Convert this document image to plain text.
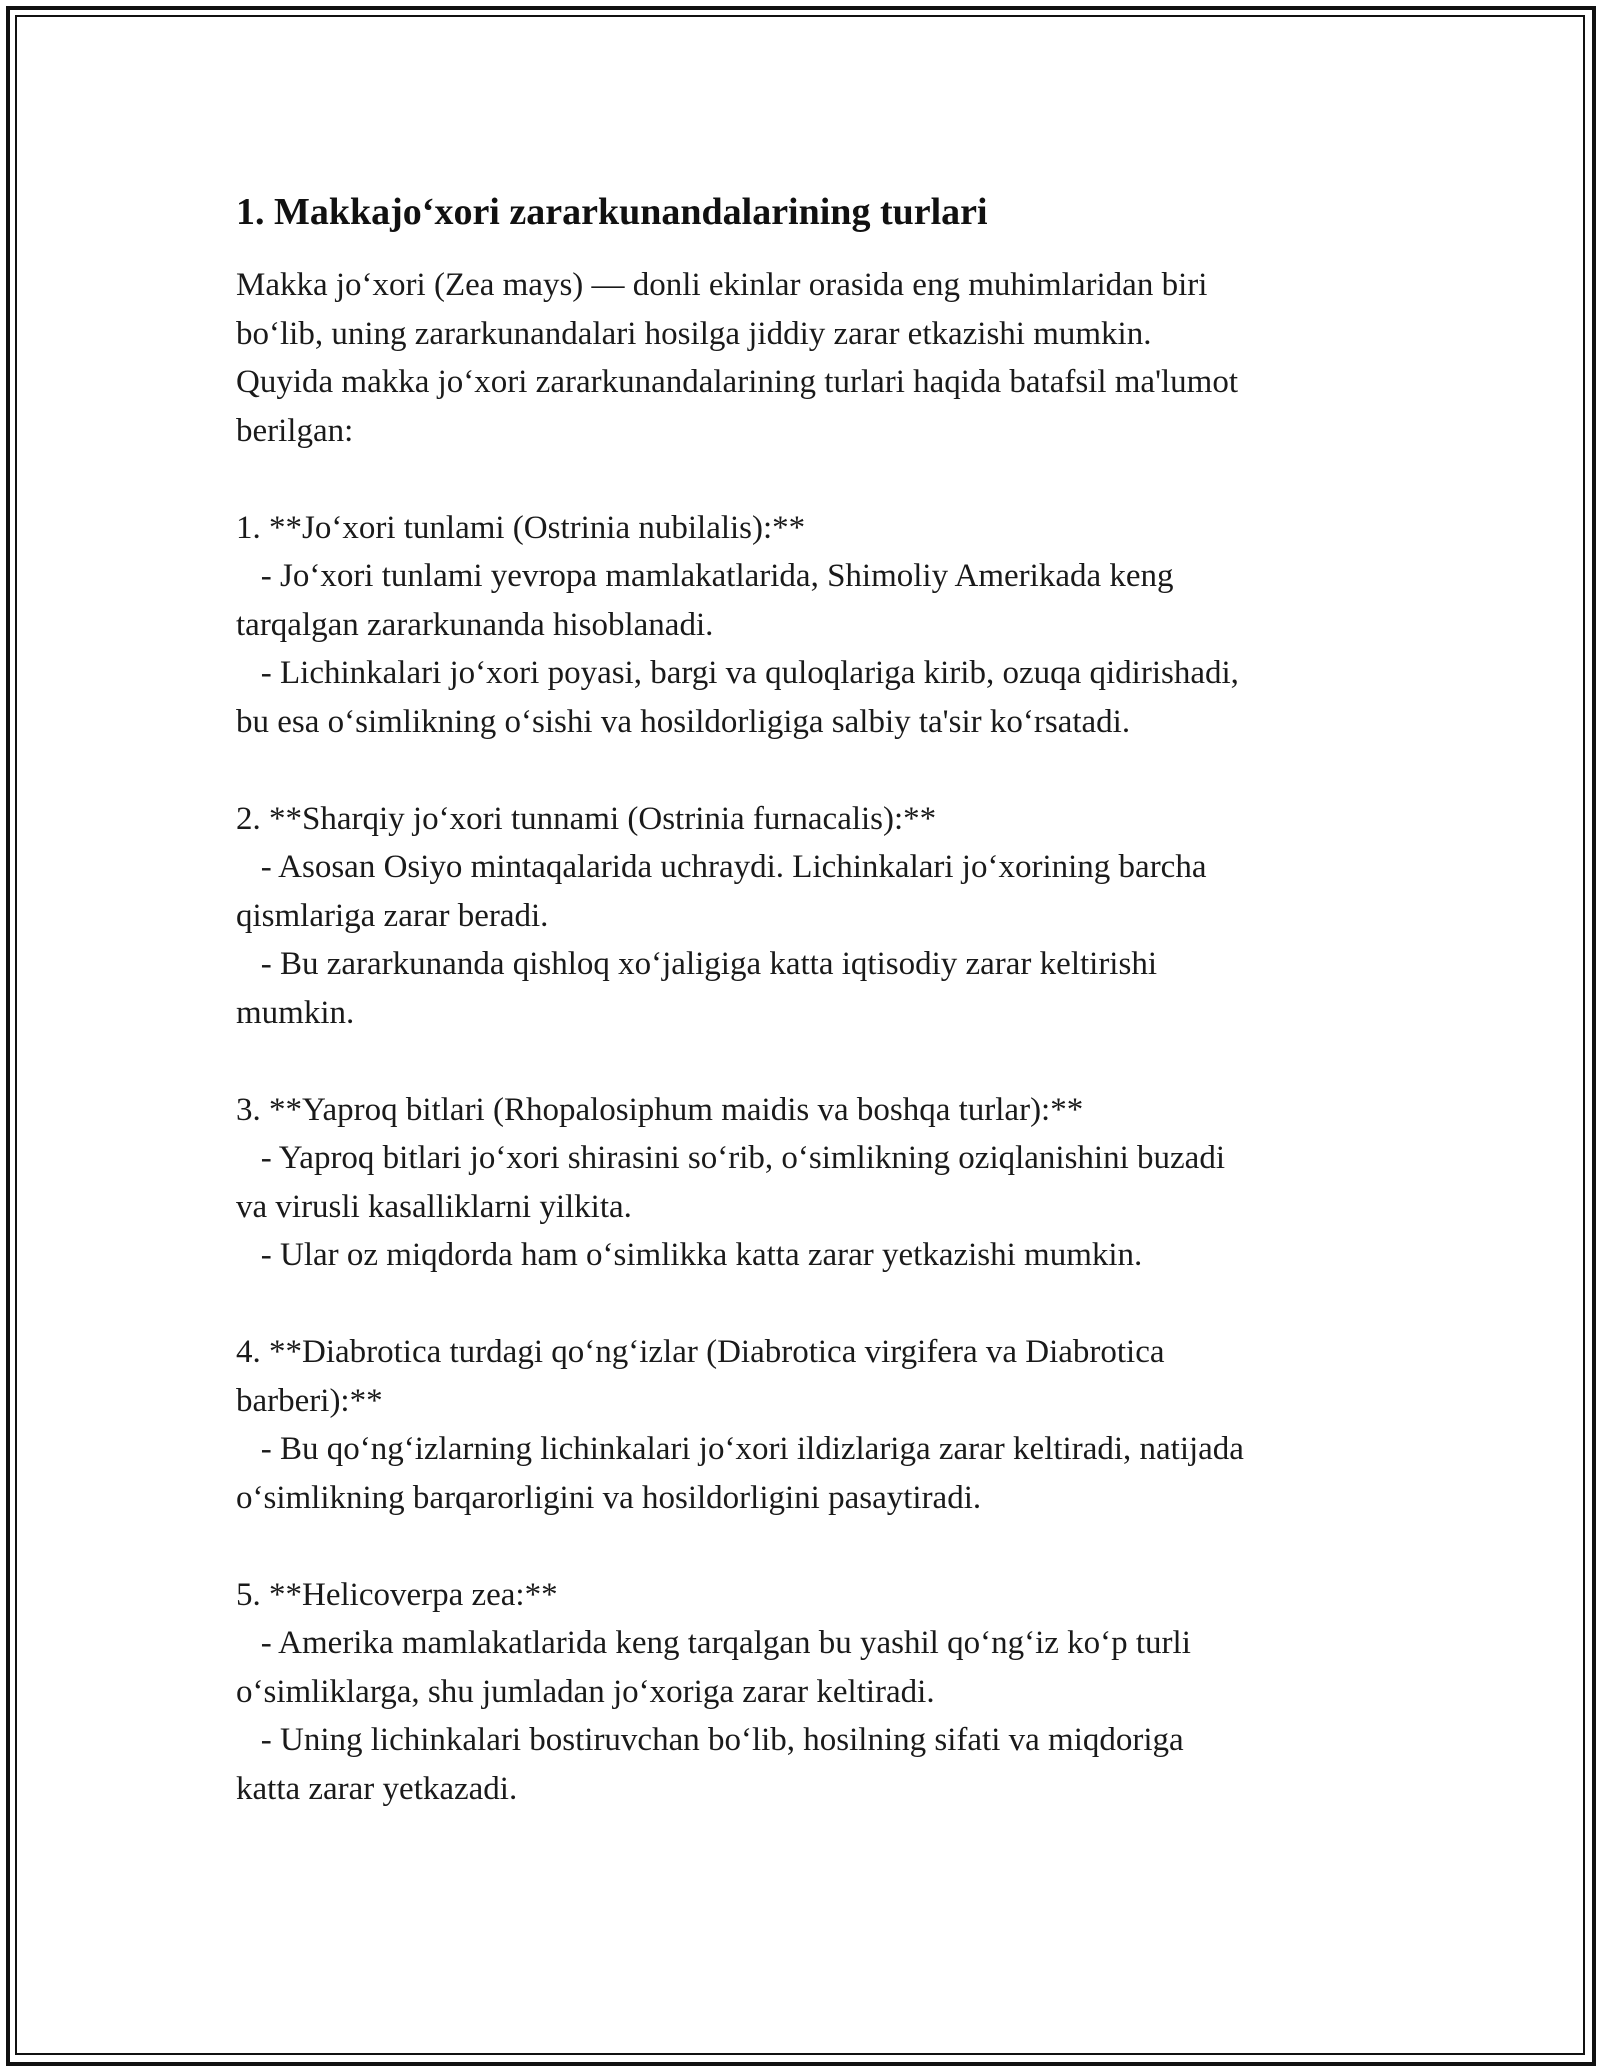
1. Makkajo‘xori zararkunandalarining turlari

Makka jo‘xori (Zea mays) — donli ekinlar orasida eng muhimlaridan biri
bo‘lib, uning zararkunandalari hosilga jiddiy zarar etkazishi mumkin.
Quyida makka jo‘xori zararkunandalarining turlari haqida batafsil ma'lumot
berilgan:

1. **Jo‘xori tunlami (Ostrinia nubilalis):**
- Jo‘xori tunlami yevropa mamlakatlarida, Shimoliy Amerikada keng
tarqalgan zararkunanda hisoblanadi.
- Lichinkalari jo‘xori poyasi, bargi va quloqlariga kirib, ozuqa qidirishadi,
bu esa o‘simlikning o‘sishi va hosildorligiga salbiy ta'sir ko‘rsatadi.

2. **Sharqiy jo‘xori tunnami (Ostrinia furnacalis):**
- Asosan Osiyo mintaqalarida uchraydi. Lichinkalari jo‘xorining barcha
qismlariga zarar beradi.
- Bu zararkunanda qishloq xo‘jaligiga katta iqtisodiy zarar keltirishi
mumkin.

3. **Yaproq bitlari (Rhopalosiphum maidis va boshqa turlar):**
- Yaproq bitlari jo‘xori shirasini so‘rib, o‘simlikning oziqlanishini buzadi
va virusli kasalliklarni yilkita.
- Ular oz miqdorda ham o‘simlikka katta zarar yetkazishi mumkin.

4. **Diabrotica turdagi qo‘ng‘izlar (Diabrotica virgifera va Diabrotica
barberi):**
- Bu qo‘ng‘izlarning lichinkalari jo‘xori ildizlariga zarar keltiradi, natijada
o‘simlikning barqarorligini va hosildorligini pasaytiradi.

5. **Helicoverpa zea:**
- Amerika mamlakatlarida keng tarqalgan bu yashil qo‘ng‘iz ko‘p turli
o‘simliklarga, shu jumladan jo‘xoriga zarar keltiradi.
- Uning lichinkalari bostiruvchan bo‘lib, hosilning sifati va miqdoriga
katta zarar yetkazadi.
